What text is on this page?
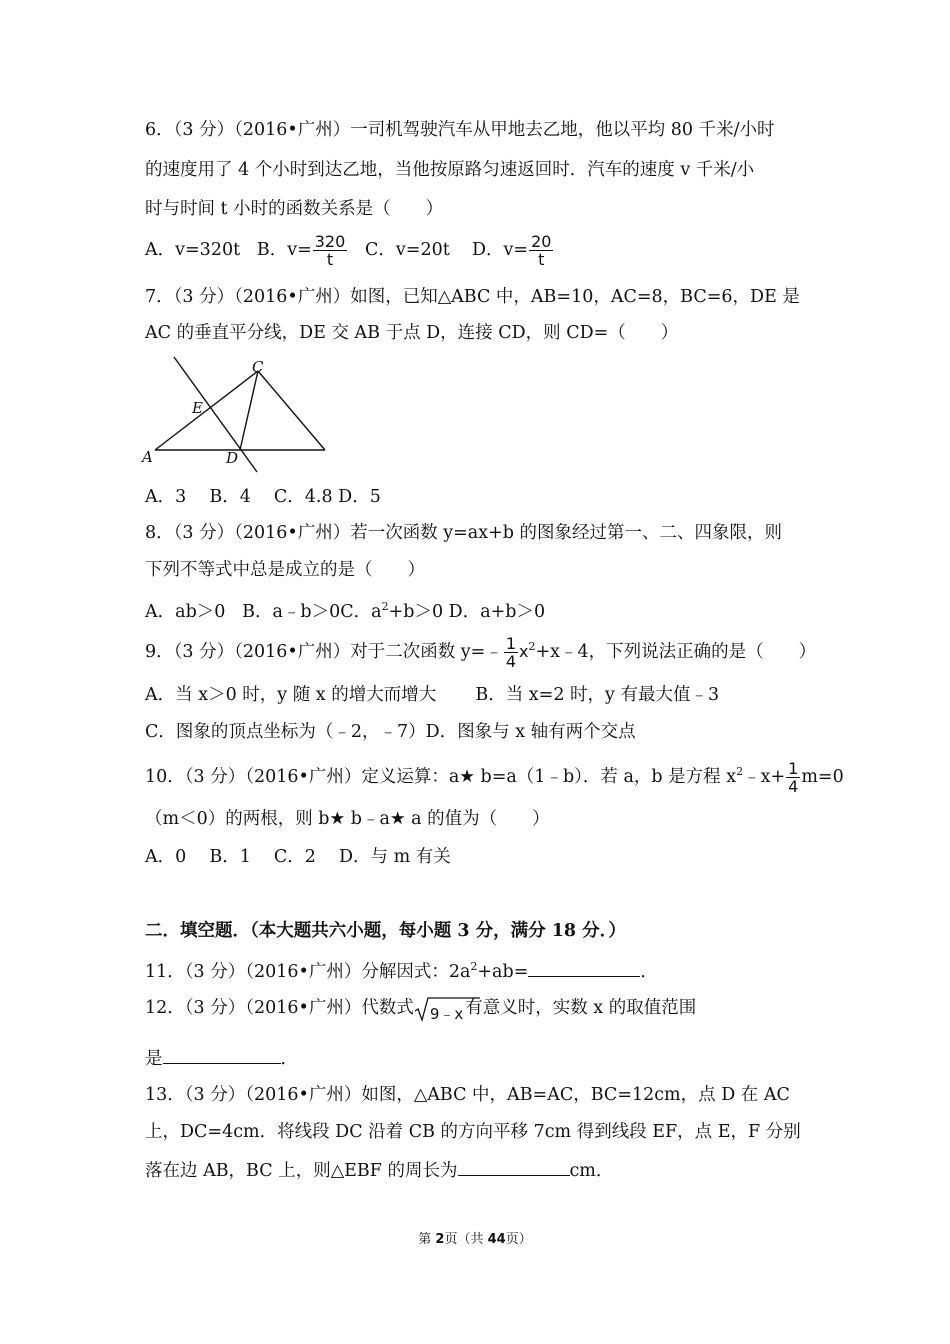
6．（3 分）（2016•广州）一司机驾驶汽车从甲地去乙地，他以平均 80 千米/小时
的速度用了 4 个小时到达乙地，当他按原路匀速返回时．汽车的速度 v 千米/小
时与时间 t 小时的函数关系是（　　）
A．v=320t B．$v= \frac{320}{t}$ C．v=20t D．$v= \frac{20}{t}$
7．（3 分）（2016•广州）如图，已知△ABC 中，AB=10，AC=8，BC=6，DE 是
AC 的垂直平分线，DE 交 AB 于点 D，连接 CD，则 CD=（　　）
C
E
A	D
A．3　 B．4　 C．4.8 D．5
8．（3 分）（2016•广州）若一次函数 y=ax+b 的图象经过第一、二、四象限，则
下列不等式中总是成立的是（　　）
A．ab＞0 B．a﹣b＞0C．$a^2+b>0$ D．a+b＞0
9．（3 分）（2016•广州）对于二次函数 y=﹣ $\frac{1}{4}$ $x^2+x﹣4$，下列说法正确的是（　　）
A．当 x＞0 时，y 随 x 的增大而增大 B．当 x=2 时，y 有最大值﹣3
C．图象的顶点坐标为（﹣2，﹣7）D．图象与 x 轴有两个交点
10．（3 分）（2016•广州）定义运算：a★ b=a（1﹣b）．若 a，b 是方程 $x^2﹣x+ \frac{1}{4} m=0$
（m＜0）的两根，则 b★ b﹣a★ a 的值为（　　）
A．0　 B．1　 C．2　 D．与 m 有关
二．填空题．（本大题共六小题，每小题 3 分，满分 18 分．）
11．（3 分）（2016•广州）分解因式：$2a^2+ab=$	．
12．（3 分）（2016•广州）代数式 9﹣x 有意义时，实数 x 的取值范围
是	．
13．（3 分）（2016•广州）如图，△ABC 中，AB=AC，BC=12cm，点 D 在 AC
上，DC=4cm．将线段 DC 沿着 CB 的方向平移 7cm 得到线段 EF，点 E，F 分别
落在边 AB，BC 上，则△EBF 的周长为	cm．
第 2页（共 44页）
